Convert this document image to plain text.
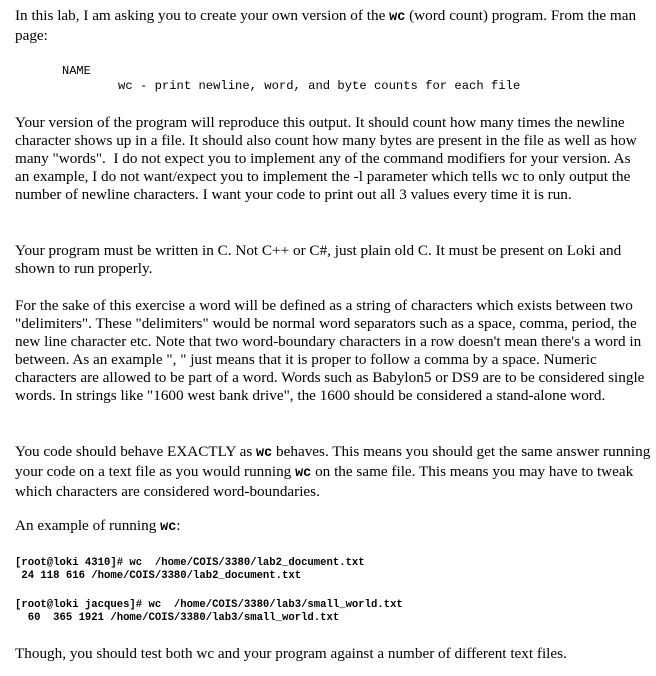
In this lab, I am asking you to create your own version of the wc (word count) program. From the man page:

NAME
wc - print newline, word, and byte counts for each file

Your version of the program will reproduce this output. It should count how many times the newline character shows up in a file. It should also count how many bytes are present in the file as well as how many "words".  I do not expect you to implement any of the command modifiers for your version. As an example, I do not want/expect you to implement the -l parameter which tells wc to only output the number of newline characters. I want your code to print out all 3 values every time it is run.

Your program must be written in C. Not C++ or C#, just plain old C. It must be present on Loki and shown to run properly.

For the sake of this exercise a word will be defined as a string of characters which exists between two "delimiters". These "delimiters" would be normal word separators such as a space, comma, period, the new line character etc. Note that two word-boundary characters in a row doesn't mean there's a word in between. As an example ", " just means that it is proper to follow a comma by a space. Numeric characters are allowed to be part of a word. Words such as Babylon5 or DS9 are to be considered single words. In strings like "1600 west bank drive", the 1600 should be considered a stand-alone word.

You code should behave EXACTLY as wc behaves. This means you should get the same answer running your code on a text file as you would running wc on the same file. This means you may have to tweak which characters are considered word-boundaries.

An example of running wc:

[root@loki 4310]# wc  /home/COIS/3380/lab2_document.txt
24 118 616 /home/COIS/3380/lab2_document.txt
[root@loki jacques]# wc  /home/COIS/3380/lab3/small_world.txt
60  365 1921 /home/COIS/3380/lab3/small_world.txt

Though, you should test both wc and your program against a number of different text files.
